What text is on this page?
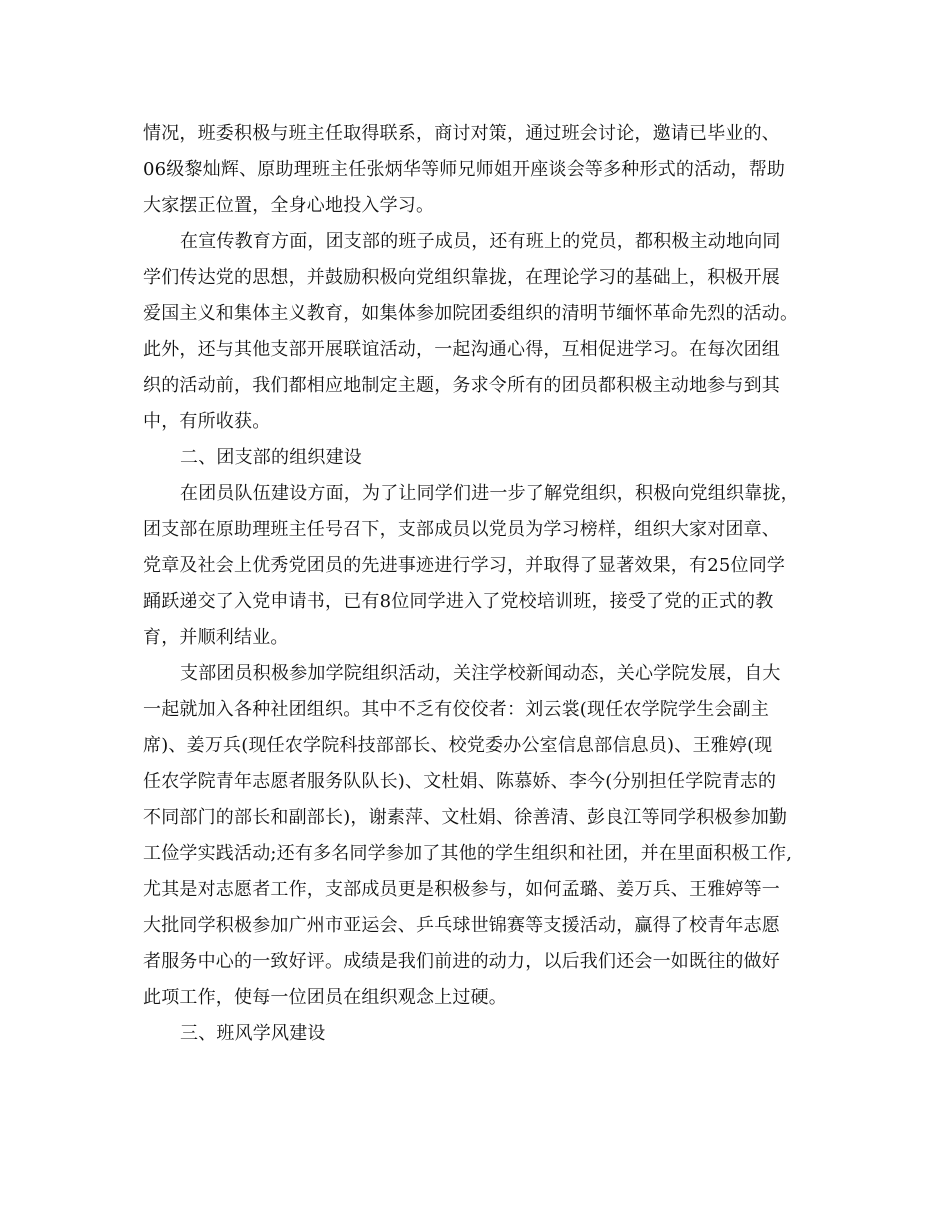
情况，班委积极与班主任取得联系，商讨对策，通过班会讨论，邀请已毕业的、
06级黎灿辉、原助理班主任张炳华等师兄师姐开座谈会等多种形式的活动，帮助
大家摆正位置，全身心地投入学习。
在宣传教育方面，团支部的班子成员，还有班上的党员，都积极主动地向同
学们传达党的思想，并鼓励积极向党组织靠拢，在理论学习的基础上，积极开展
爱国主义和集体主义教育，如集体参加院团委组织的清明节缅怀革命先烈的活动。
此外，还与其他支部开展联谊活动，一起沟通心得，互相促进学习。在每次团组
织的活动前，我们都相应地制定主题，务求令所有的团员都积极主动地参与到其
中，有所收获。
二、团支部的组织建设
在团员队伍建设方面，为了让同学们进一步了解党组织，积极向党组织靠拢，
团支部在原助理班主任号召下，支部成员以党员为学习榜样，组织大家对团章、
党章及社会上优秀党团员的先进事迹进行学习，并取得了显著效果，有25位同学
踊跃递交了入党申请书，已有8位同学进入了党校培训班，接受了党的正式的教
育，并顺利结业。
支部团员积极参加学院组织活动，关注学校新闻动态，关心学院发展，自大
一起就加入各种社团组织。其中不乏有佼佼者：刘云裳(现任农学院学生会副主
席)、姜万兵(现任农学院科技部部长、校党委办公室信息部信息员)、王雅婷(现
任农学院青年志愿者服务队队长)、文杜娟、陈慕娇、李今(分别担任学院青志的
不同部门的部长和副部长)，谢素萍、文杜娟、徐善清、彭良江等同学积极参加勤
工俭学实践活动;还有多名同学参加了其他的学生组织和社团，并在里面积极工作,
尤其是对志愿者工作，支部成员更是积极参与，如何孟璐、姜万兵、王雅婷等一
大批同学积极参加广州市亚运会、乒乓球世锦赛等支援活动，赢得了校青年志愿
者服务中心的一致好评。成绩是我们前进的动力，以后我们还会一如既往的做好
此项工作，使每一位团员在组织观念上过硬。
三、班风学风建设
